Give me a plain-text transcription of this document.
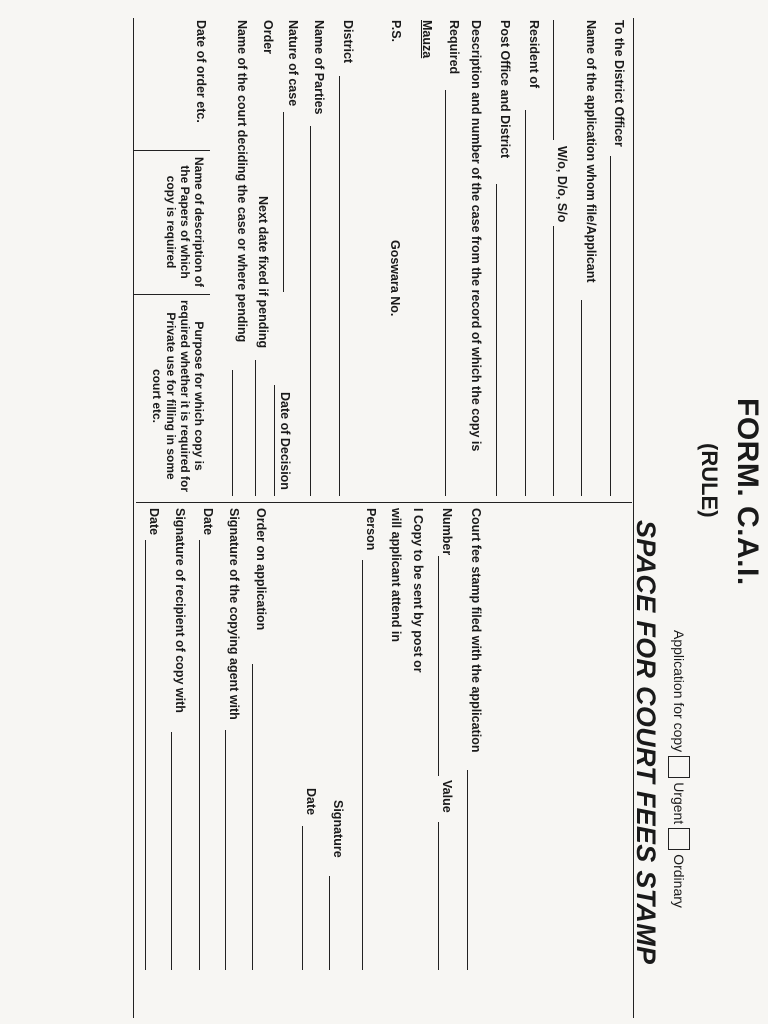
FORM. C.A.I.
(RULE)
Application for copy
Urgent
Ordinary
SPACE FOR COURT FEES STAMP
To the District Officer
Name of the application whom file/Applicant
W/o, D/o, S/o
Resident of
Post Office and District
Description and number of the case from the record of which the copy is
Required
Mauza
P.S.
Goswara No.
District
Name of Parties
Nature of case
Date of Decision
Order
Next date fixed if pending
Name of the court deciding the case or where pending
Date of order etc.
Name of description of the Papers of which copy is required
Purpose for which copy is required whether it is required for Private use for filling in some court etc.
Court fee stamp filed with the application
Number
Value
I Copy to be sent by post or
will applicant attend in
Person
Signature
Date
Order on application
Signature of the copying agent with
Date
Signature of recipient of copy with
Date
